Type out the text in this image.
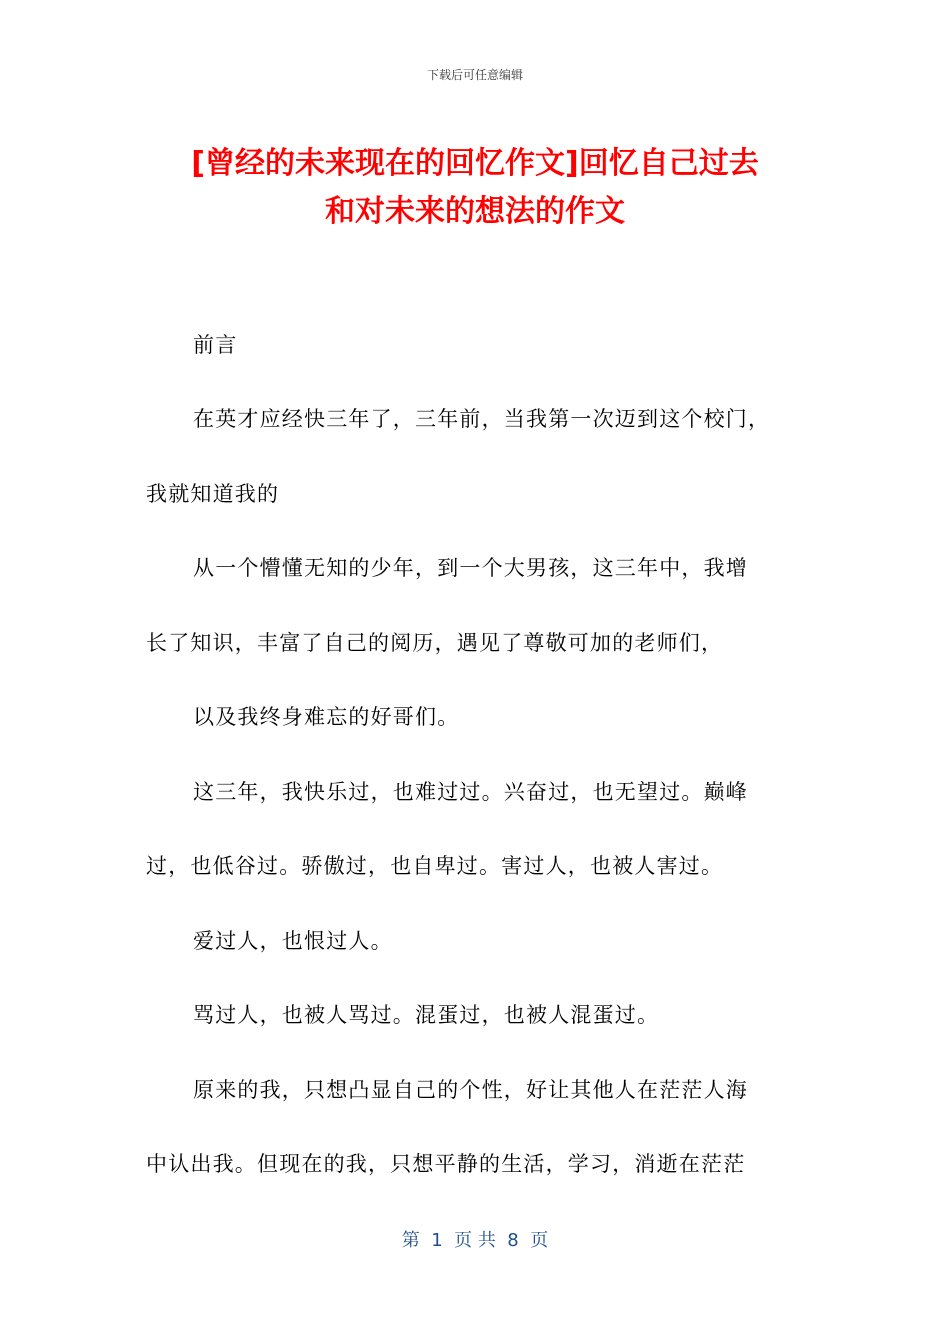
下载后可任意编辑
[曾经的未来现在的回忆作文]回忆自己过去
和对未来的想法的作文

前言

在英才应经快三年了，三年前，当我第一次迈到这个校门，

我就知道我的

从一个懵懂无知的少年，到一个大男孩，这三年中，我增

长了知识，丰富了自己的阅历，遇见了尊敬可加的老师们，

以及我终身难忘的好哥们。

这三年，我快乐过，也难过过。兴奋过，也无望过。巅峰

过，也低谷过。骄傲过，也自卑过。害过人，也被人害过。

爱过人，也恨过人。

骂过人，也被人骂过。混蛋过，也被人混蛋过。

原来的我，只想凸显自己的个性，好让其他人在茫茫人海

中认出我。但现在的我，只想平静的生活，学习，消逝在茫茫

第  1  页 共  8  页
